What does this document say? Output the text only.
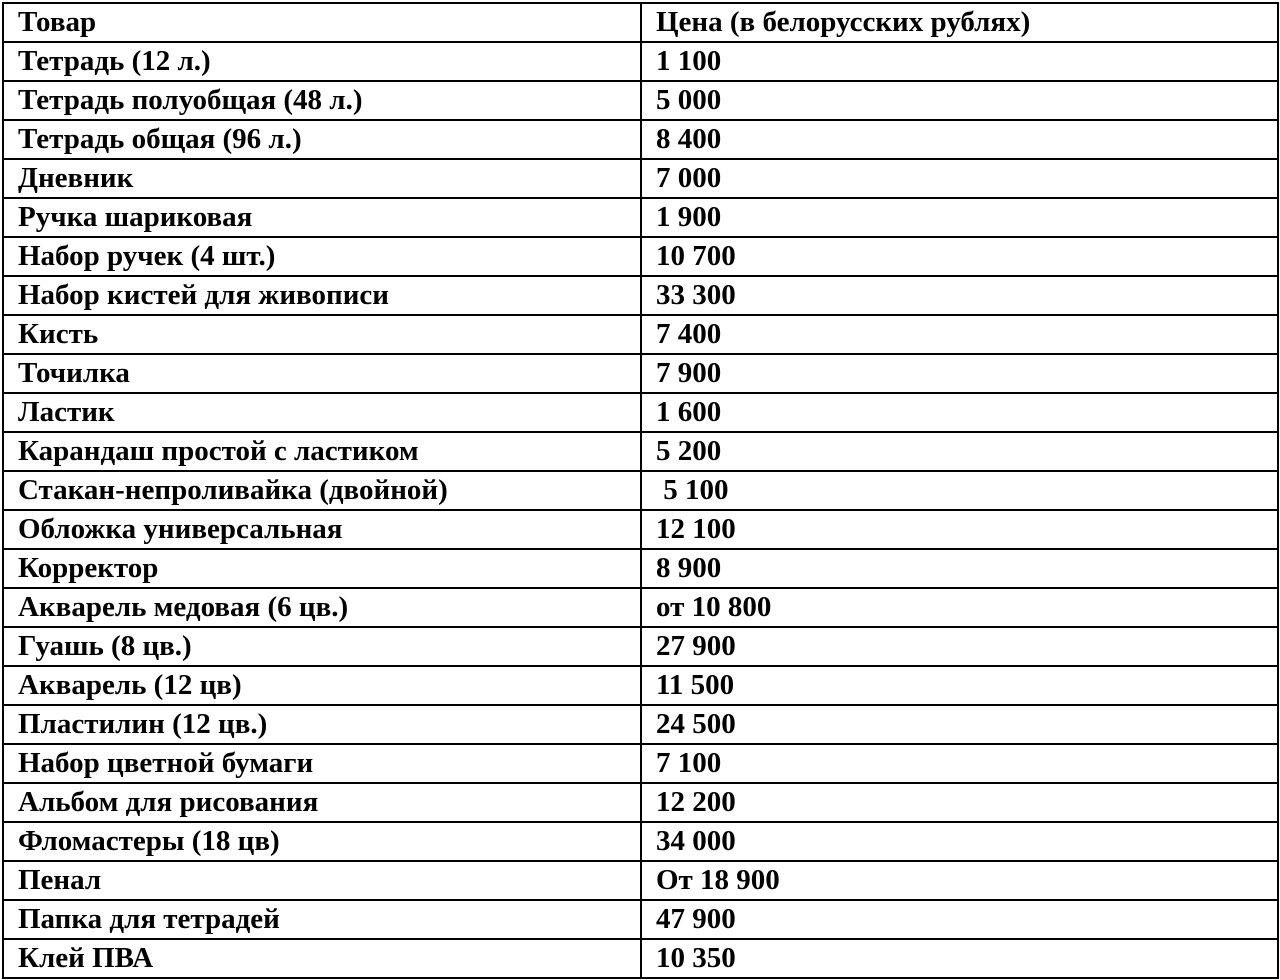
Товар	Цена (в белорусских рублях)
Тетрадь (12 л.)	1 100
Тетрадь полуобщая (48 л.)	5 000
Тетрадь общая (96 л.)	8 400
Дневник	7 000
Ручка шариковая	1 900
Набор ручек (4 шт.)	10 700
Набор кистей для живописи	33 300
Кисть	7 400
Точилка	7 900
Ластик	1 600
Карандаш простой с ластиком	5 200
Стакан-непроливайка (двойной)	5 100
Обложка универсальная	12 100
Корректор	8 900
Акварель медовая (6 цв.)	от 10 800
Гуашь (8 цв.)	27 900
Акварель (12 цв)	11 500
Пластилин (12 цв.)	24 500
Набор цветной бумаги	7 100
Альбом для рисования	12 200
Фломастеры (18 цв)	34 000
Пенал	От 18 900
Папка для тетрадей	47 900
Клей ПВА	10 350
